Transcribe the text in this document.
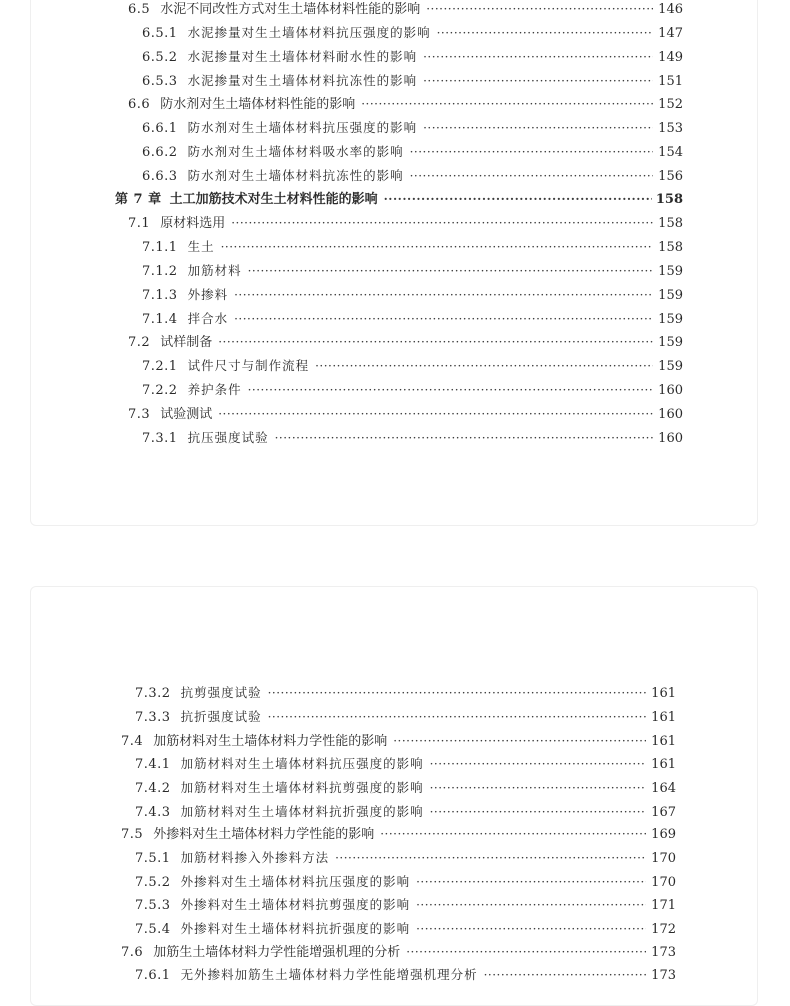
6.5 水泥不同改性方式对生土墙体材料性能的影响 ·····	146
6.5.1 水泥掺量对生土墙体材料抗压强度的影响 ·····	147
6.5.2 水泥掺量对生土墙体材料耐水性的影响 ·····	149
6.5.3 水泥掺量对生土墙体材料抗冻性的影响 ·····	151
6.6 防水剂对生土墙体材料性能的影响 ·····	152
6.6.1 防水剂对生土墙体材料抗压强度的影响 ·····	153
6.6.2 防水剂对生土墙体材料吸水率的影响 ·····	154
6.6.3 防水剂对生土墙体材料抗冻性的影响 ·····	156
第 7 章 土工加筋技术对生土材料性能的影响 ·····	158
7.1 原材料选用 ·····	158
7.1.1 生土 ·····	158
7.1.2 加筋材料 ·····	159
7.1.3 外掺料 ·····	159
7.1.4 拌合水 ·····	159
7.2 试样制备 ·····	159
7.2.1 试件尺寸与制作流程 ·····	159
7.2.2 养护条件 ·····	160
7.3 试验测试 ·····	160
7.3.1 抗压强度试验 ·····	160
7.3.2 抗剪强度试验 ·····	161
7.3.3 抗折强度试验 ·····	161
7.4 加筋材料对生土墙体材料力学性能的影响 ·····	161
7.4.1 加筋材料对生土墙体材料抗压强度的影响 ·····	161
7.4.2 加筋材料对生土墙体材料抗剪强度的影响 ·····	164
7.4.3 加筋材料对生土墙体材料抗折强度的影响 ·····	167
7.5 外掺料对生土墙体材料力学性能的影响 ·····	169
7.5.1 加筋材料掺入外掺料方法 ·····	170
7.5.2 外掺料对生土墙体材料抗压强度的影响 ·····	170
7.5.3 外掺料对生土墙体材料抗剪强度的影响 ·····	171
7.5.4 外掺料对生土墙体材料抗折强度的影响 ·····	172
7.6 加筋生土墙体材料力学性能增强机理的分析 ·····	173
7.6.1 无外掺料加筋生土墙体材料力学性能增强机理分析 ·····	173
